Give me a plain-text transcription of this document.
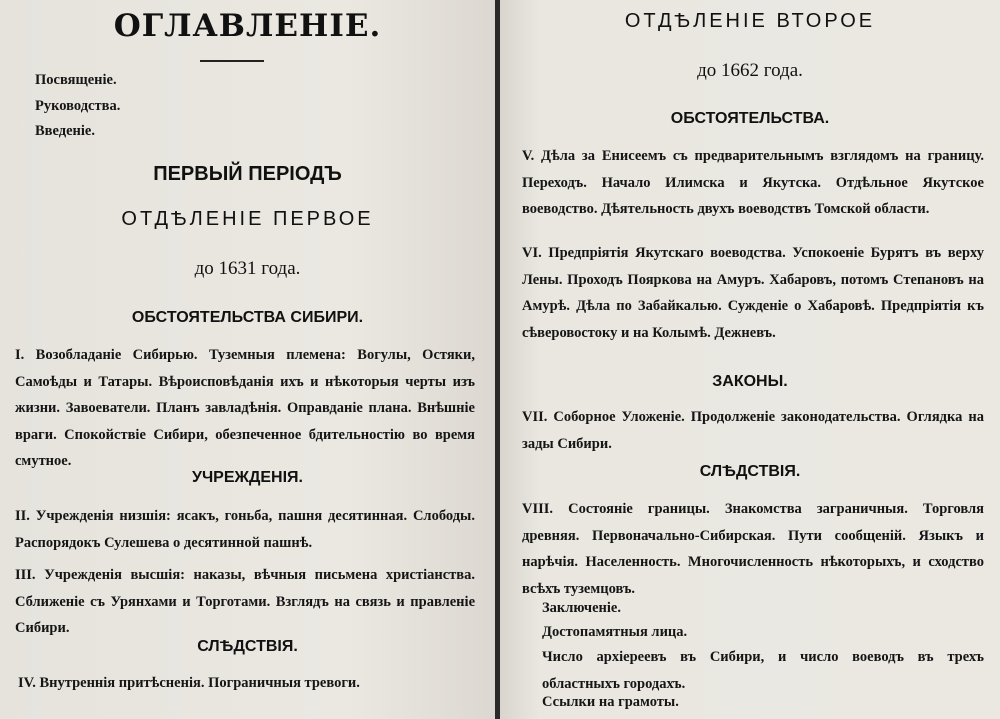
ОГЛАВЛЕНІЕ.
Посвященіе.
Руководства.
Введеніе.
ПЕРВЫЙ ПЕРІОДЪ
ОТДѢЛЕНІЕ ПЕРВОЕ
до 1631 года.
ОБСТОЯТЕЛЬСТВА СИБИРИ.
I. Возобладаніе Сибирью. Туземныя племена: Вогулы, Остяки, Самоѣды и Татары. Вѣроисповѣданія ихъ и нѣкоторыя черты изъ жизни. Завоеватели. Планъ завладѣнія. Оправданіе плана. Внѣшніе враги. Спокойствіе Сибири, обезпеченное бдительностію во время смутное.
УЧРЕЖДЕНІЯ.
II. Учрежденія низшія: ясакъ, гоньба, пашня десятинная. Слободы. Распорядокъ Сулешева о десятинной пашнѣ.
III. Учрежденія высшія: наказы, вѣчныя письмена христіанства. Сближеніе съ Урянхами и Торготами. Взглядъ на связь и правленіе Сибири.
СЛѢДСТВІЯ.
IV. Внутреннія притѣсненія. Пограничныя тревоги.
ОТДѢЛЕНІЕ ВТОРОЕ
до 1662 года.
ОБСТОЯТЕЛЬСТВА.
V. Дѣла за Енисеемъ съ предварительнымъ взглядомъ на границу. Переходъ. Начало Илимска и Якутска. Отдѣльное Якутское воеводство. Дѣятельность двухъ воеводствъ Томской области.
VI. Предпріятія Якутскаго воеводства. Успокоеніе Бурятъ въ верху Лены. Проходъ Пояркова на Амуръ. Хабаровъ, потомъ Степановъ на Амурѣ. Дѣла по Забайкалью. Сужденіе о Хабаровѣ. Предпріятія къ сѣверовостоку и на Колымѣ. Дежневъ.
ЗАКОНЫ.
VII. Соборное Уложеніе. Продолженіе законодательства. Оглядка на зады Сибири.
СЛѢДСТВІЯ.
VIII. Состояніе границы. Знакомства заграничныя. Торговля древняя. Первоначально-Сибирская. Пути сообщеній. Языкъ и нарѣчія. Населенность. Многочисленность нѣкоторыхъ, и сходство всѣхъ туземцовъ.
Заключеніе.
Достопамятныя лица.
Число архіереевъ въ Сибири, и число воеводъ въ трехъ областныхъ городахъ.
Ссылки на грамоты.
